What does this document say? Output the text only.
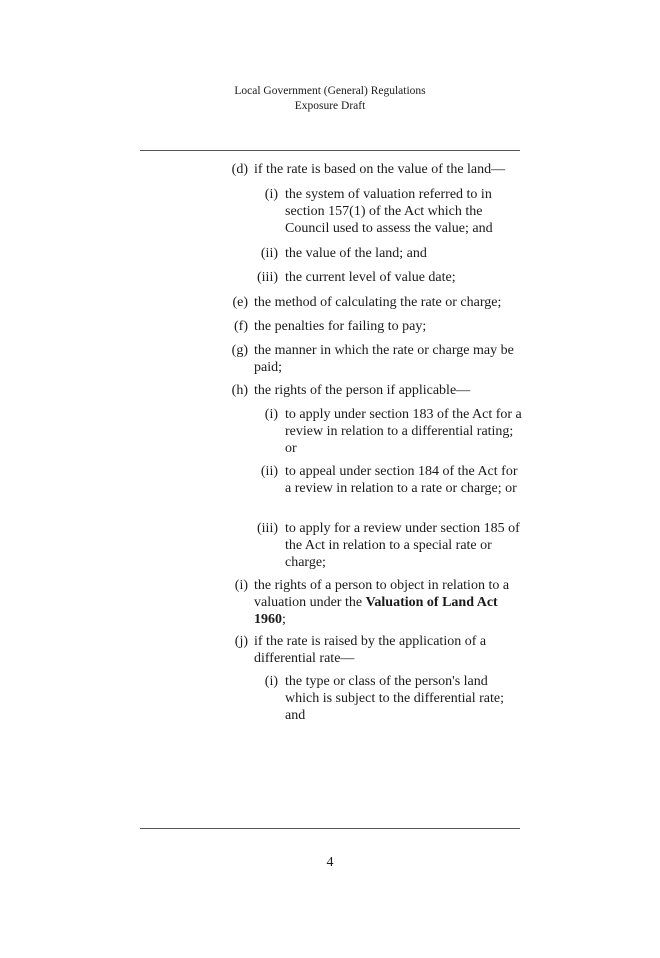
Local Government (General) Regulations
Exposure Draft
(d) if the rate is based on the value of the land—
(i) the system of valuation referred to in section 157(1) of the Act which the Council used to assess the value; and
(ii) the value of the land; and
(iii) the current level of value date;
(e) the method of calculating the rate or charge;
(f) the penalties for failing to pay;
(g) the manner in which the rate or charge may be paid;
(h) the rights of the person if applicable—
(i) to apply under section 183 of the Act for a review in relation to a differential rating; or
(ii) to appeal under section 184 of the Act for a review in relation to a rate or charge; or
(iii) to apply for a review under section 185 of the Act in relation to a special rate or charge;
(i) the rights of a person to object in relation to a valuation under the Valuation of Land Act 1960;
(j) if the rate is raised by the application of a differential rate—
(i) the type or class of the person's land which is subject to the differential rate; and
4
